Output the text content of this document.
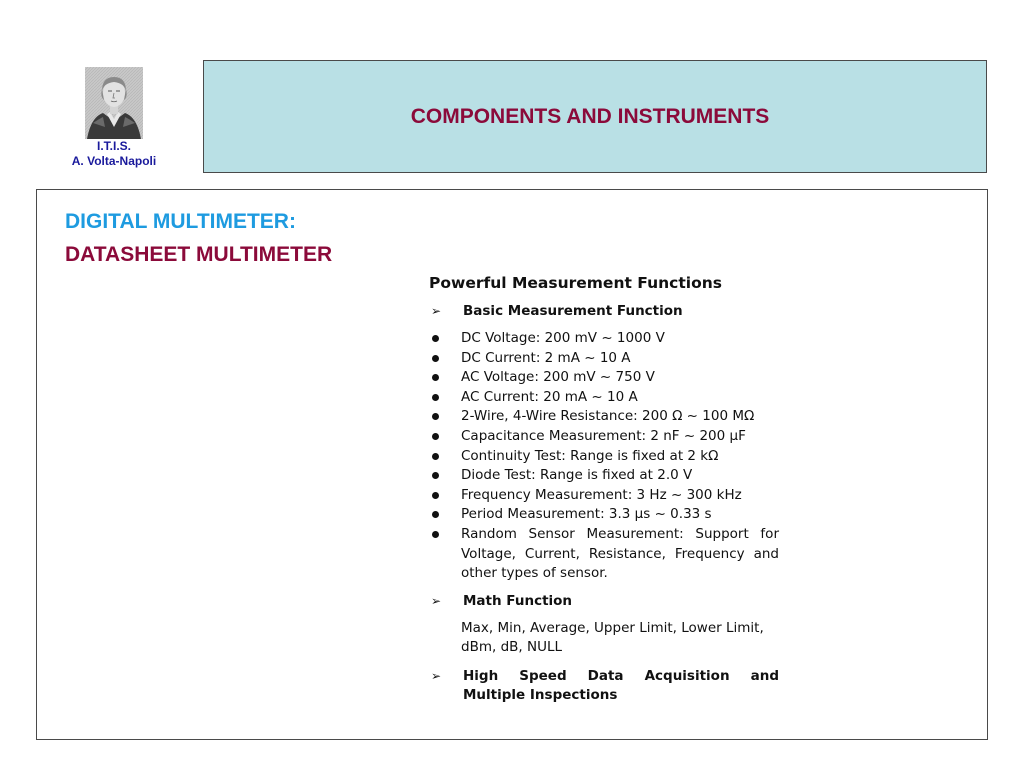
I.T.I.S.
A. Volta-Napoli
COMPONENTS AND INSTRUMENTS
DIGITAL MULTIMETER:
DATASHEET MULTIMETER
Powerful Measurement Functions
➢	Basic Measurement Function
DC Voltage: 200 mV ~ 1000 V
DC Current: 2 mA ~ 10 A
AC Voltage: 200 mV ~ 750 V
AC Current: 20 mA ~ 10 A
2-Wire, 4-Wire Resistance: 200 Ω ~ 100 MΩ
Capacitance Measurement: 2 nF ~ 200 μF
Continuity Test: Range is fixed at 2 kΩ
Diode Test: Range is fixed at 2.0 V
Frequency Measurement: 3 Hz ~ 300 kHz
Period Measurement: 3.3 μs ~ 0.33 s
Random Sensor Measurement: Support for Voltage, Current, Resistance, Frequency and other types of sensor.
➢	Math Function
Max, Min, Average, Upper Limit, Lower Limit, dBm, dB, NULL
➢	High Speed Data Acquisition and Multiple Inspections
